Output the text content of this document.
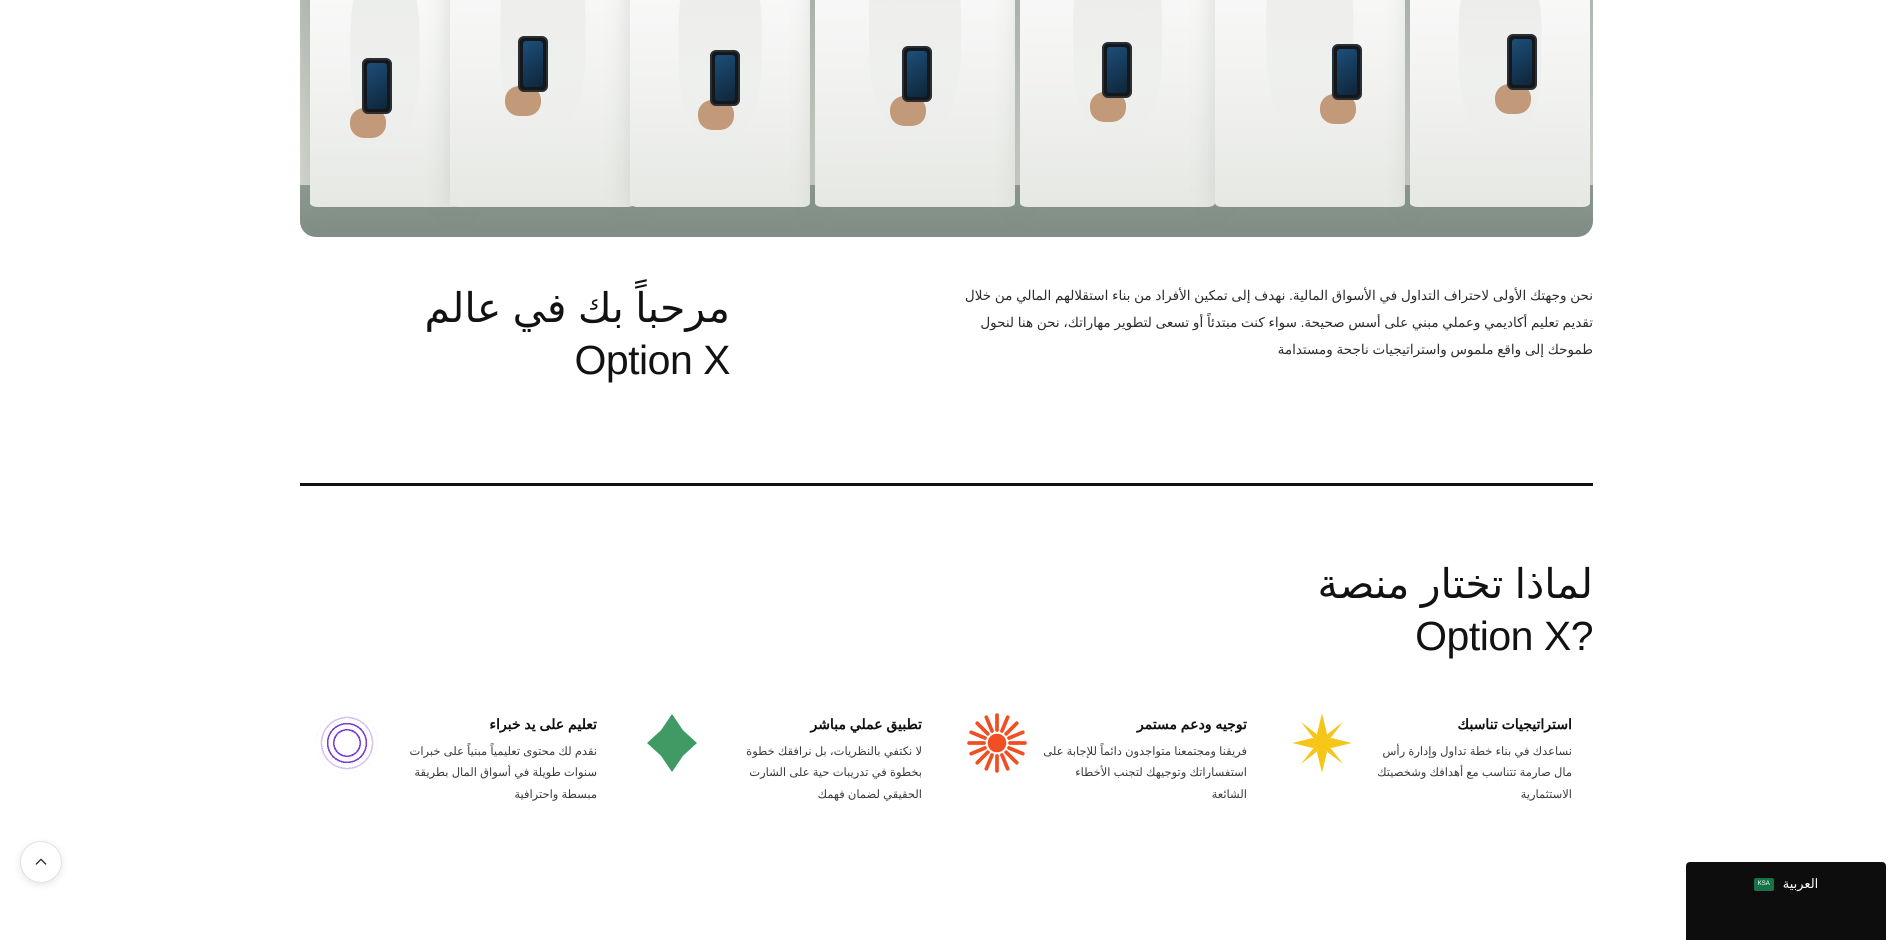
مرحباً بك في عالم
Option X
نحن وجهتك الأولى لاحتراف التداول في الأسواق المالية. نهدف إلى تمكين الأفراد من بناء استقلالهم المالي من خلال تقديم تعليم أكاديمي وعملي مبني على أسس صحيحة. سواء كنت مبتدئاً أو تسعى لتطوير مهاراتك، نحن هنا لنحول طموحك إلى واقع ملموس واستراتيجيات ناجحة ومستدامة
لماذا تختار منصة
Option X?
تعليم على يد خبراء
نقدم لك محتوى تعليمياً مبنياً على خبرات سنوات طويلة في أسواق المال بطريقة مبسطة واحترافية
تطبيق عملي مباشر
لا نكتفي بالنظريات، بل نرافقك خطوة بخطوة في تدريبات حية على الشارت الحقيقي لضمان فهمك
توجيه ودعم مستمر
فريقنا ومجتمعنا متواجدون دائماً للإجابة على استفساراتك وتوجيهك لتجنب الأخطاء الشائعة
استراتيجيات تناسبك
نساعدك في بناء خطة تداول وإدارة رأس مال صارمة تتناسب مع أهدافك وشخصيتك الاستثمارية
العربية
KSA
